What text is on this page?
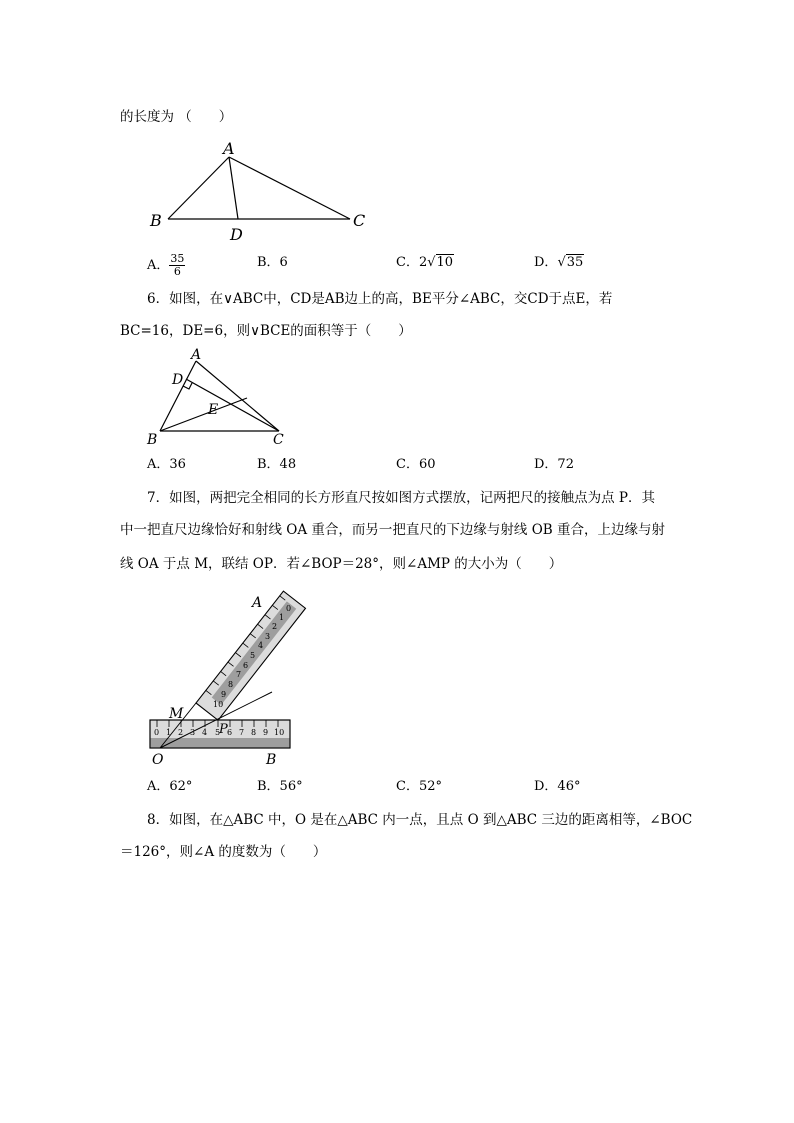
的长度为 （　　）
A
B	C
D
A． $\frac{35}{6}$	B．6	C．2√10	D．√35
6．如图，在∨ABC中，CD是AB边上的高，BE平分∠ABC，交CD于点E，若
BC=16，DE=6，则∨BCE的面积等于（　　）
A
D
E
B	C
A．36	B．48	C．60	D．72
7．如图，两把完全相同的长方形直尺按如图方式摆放，记两把尺的接触点为点 P．其
中一把直尺边缘恰好和射线 OA 重合，而另一把直尺的下边缘与射线 OB 重合，上边缘与射
线 OA 于点 M，联结 OP．若∠BOP＝28°，则∠AMP 的大小为（　　）
10
9
8
7
6
5
4
3
2
1
0
0 1 2 3 4 5 6 7 8 9 10
A
M
P
O	B
A．62°	B．56°	C．52°	D．46°
8．如图，在△ABC 中，O 是在△ABC 内一点，且点 O 到△ABC 三边的距离相等，∠BOC
＝126°，则∠A 的度数为（　　）
